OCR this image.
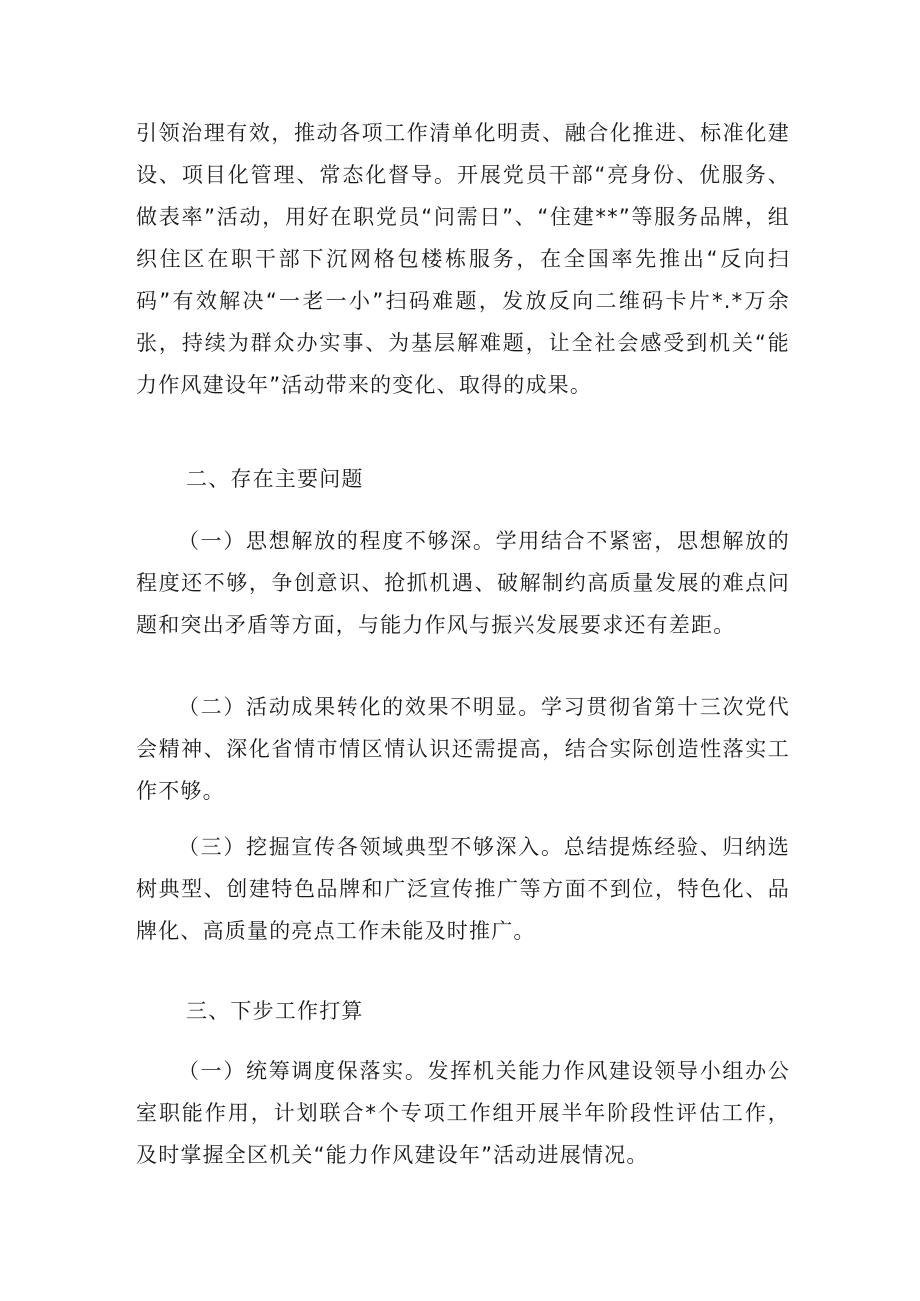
引领治理有效，推动各项工作清单化明责、融合化推进、标准化建设、项目化管理、常态化督导。开展党员干部“亮身份、优服务、做表率”活动，用好在职党员“问需日”、“住建**”等服务品牌，组织住区在职干部下沉网格包楼栋服务，在全国率先推出“反向扫码”有效解决“一老一小”扫码难题，发放反向二维码卡片*.*万余张，持续为群众办实事、为基层解难题，让全社会感受到机关“能力作风建设年”活动带来的变化、取得的成果。

二、存在主要问题

（一）思想解放的程度不够深。学用结合不紧密，思想解放的程度还不够，争创意识、抢抓机遇、破解制约高质量发展的难点问题和突出矛盾等方面，与能力作风与振兴发展要求还有差距。

（二）活动成果转化的效果不明显。学习贯彻省第十三次党代会精神、深化省情市情区情认识还需提高，结合实际创造性落实工作不够。

（三）挖掘宣传各领域典型不够深入。总结提炼经验、归纳选树典型、创建特色品牌和广泛宣传推广等方面不到位，特色化、品牌化、高质量的亮点工作未能及时推广。

三、下步工作打算

（一）统筹调度保落实。发挥机关能力作风建设领导小组办公室职能作用，计划联合*个专项工作组开展半年阶段性评估工作，及时掌握全区机关“能力作风建设年”活动进展情况。
